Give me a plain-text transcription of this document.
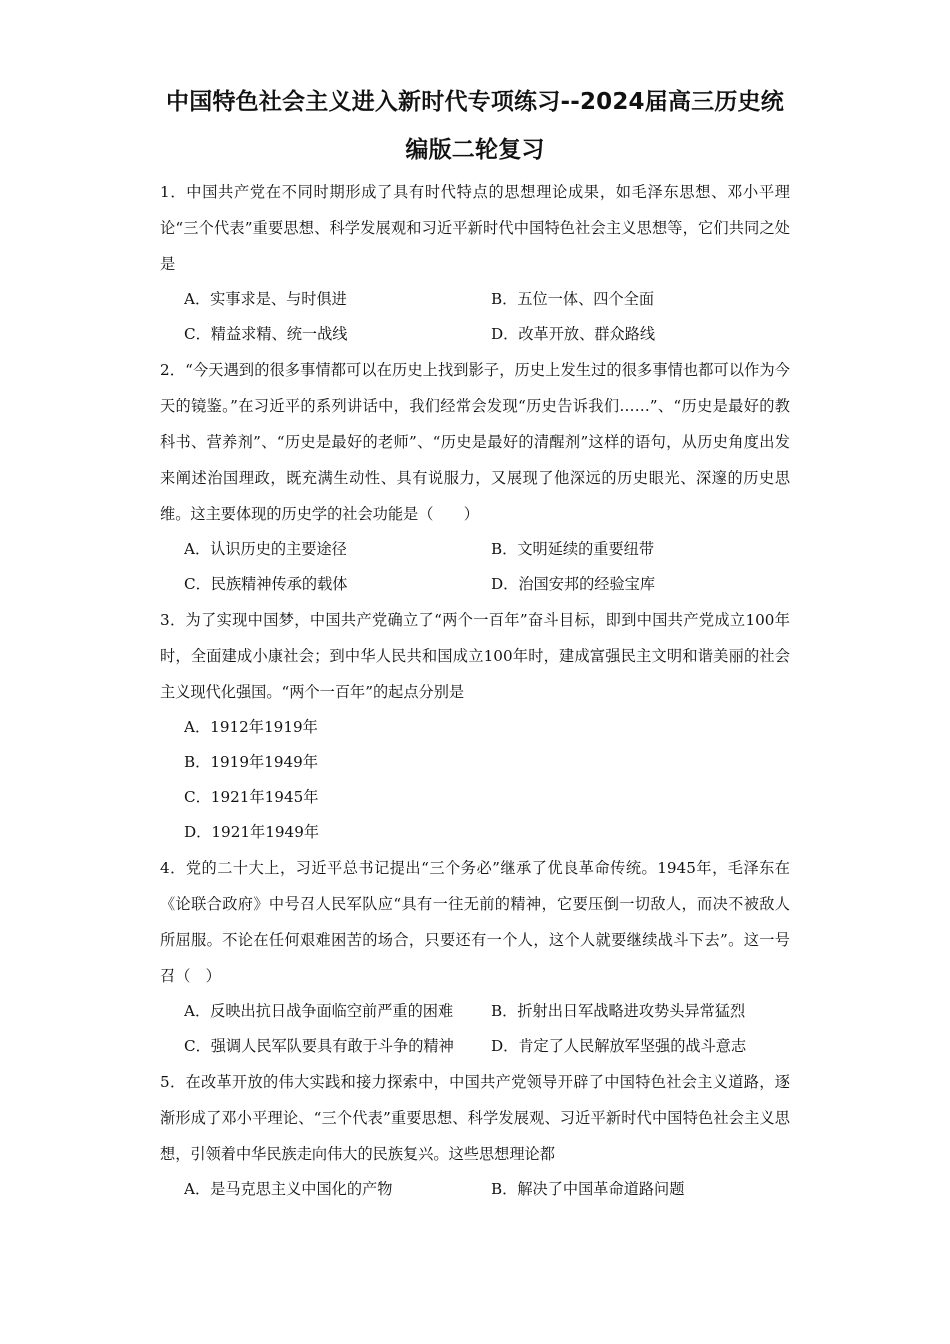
中国特色社会主义进入新时代专项练习--2024届高三历史统
编版二轮复习

1．中国共产党在不同时期形成了具有时代特点的思想理论成果，如毛泽东思想、邓小平理论“三个代表”重要思想、科学发展观和习近平新时代中国特色社会主义思想等，它们共同之处是

A．实事求是、与时俱进	B．五位一体、四个全面
C．精益求精、统一战线	D．改革开放、群众路线

2．“今天遇到的很多事情都可以在历史上找到影子，历史上发生过的很多事情也都可以作为今天的镜鉴。”在习近平的系列讲话中，我们经常会发现“历史告诉我们……”、“历史是最好的教科书、营养剂”、“历史是最好的老师”、“历史是最好的清醒剂”这样的语句，从历史角度出发来阐述治国理政，既充满生动性、具有说服力，又展现了他深远的历史眼光、深邃的历史思维。这主要体现的历史学的社会功能是（　　）

A．认识历史的主要途径	B．文明延续的重要纽带
C．民族精神传承的载体	D．治国安邦的经验宝库

3．为了实现中国梦，中国共产党确立了“两个一百年”奋斗目标，即到中国共产党成立100年时，全面建成小康社会；到中华人民共和国成立100年时，建成富强民主文明和谐美丽的社会主义现代化强国。“两个一百年”的起点分别是

A．1912年1919年
B．1919年1949年
C．1921年1945年
D．1921年1949年

4．党的二十大上，习近平总书记提出“三个务必”继承了优良革命传统。1945年，毛泽东在《论联合政府》中号召人民军队应“具有一往无前的精神，它要压倒一切敌人，而决不被敌人所屈服。不论在任何艰难困苦的场合，只要还有一个人，这个人就要继续战斗下去”。这一号召（　）

A．反映出抗日战争面临空前严重的困难	B．折射出日军战略进攻势头异常猛烈
C．强调人民军队要具有敢于斗争的精神	D．肯定了人民解放军坚强的战斗意志

5．在改革开放的伟大实践和接力探索中，中国共产党领导开辟了中国特色社会主义道路，逐渐形成了邓小平理论、“三个代表”重要思想、科学发展观、习近平新时代中国特色社会主义思想，引领着中华民族走向伟大的民族复兴。这些思想理论都

A．是马克思主义中国化的产物	B．解决了中国革命道路问题
